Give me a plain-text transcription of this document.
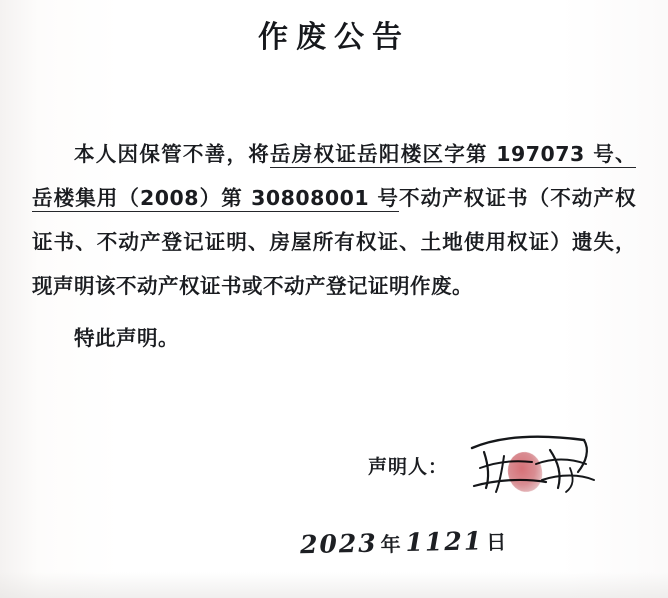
作废公告
本人因保管不善，将岳房权证岳阳楼区字第 197073 号、岳楼集用（2008）第 30808001 号不动产权证书（不动产权证书、不动产登记证明、房屋所有权证、土地使用权证）遗失，现声明该不动产权证书或不动产登记证明作废。
特此声明。
声明人：
2023 年1121 日
